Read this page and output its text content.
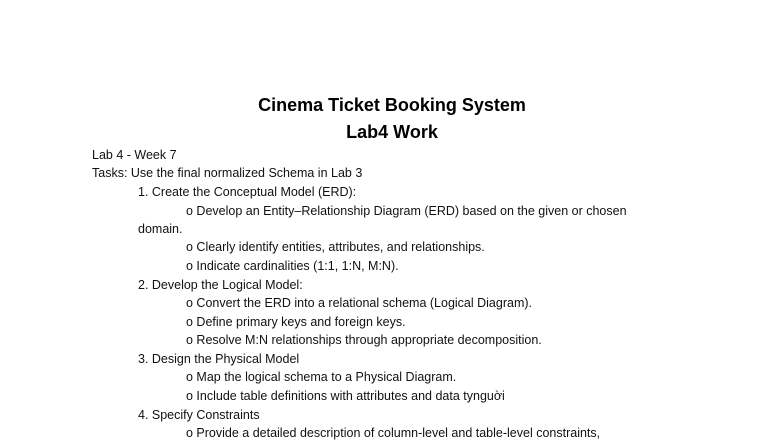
Cinema Ticket Booking System
Lab4 Work
Lab 4 - Week 7
Tasks: Use the final normalized Schema in Lab 3
1. Create the Conceptual Model (ERD):
o Develop an Entity–Relationship Diagram (ERD) based on the given or chosen
domain.
o Clearly identify entities, attributes, and relationships.
o Indicate cardinalities (1:1, 1:N, M:N).
2. Develop the Logical Model:
o Convert the ERD into a relational schema (Logical Diagram).
o Define primary keys and foreign keys.
o Resolve M:N relationships through appropriate decomposition.
3. Design the Physical Model
o Map the logical schema to a Physical Diagram.
o Include table definitions with attributes and data tynguời
4. Specify Constraints
o Provide a detailed description of column-level and table-level constraints,
